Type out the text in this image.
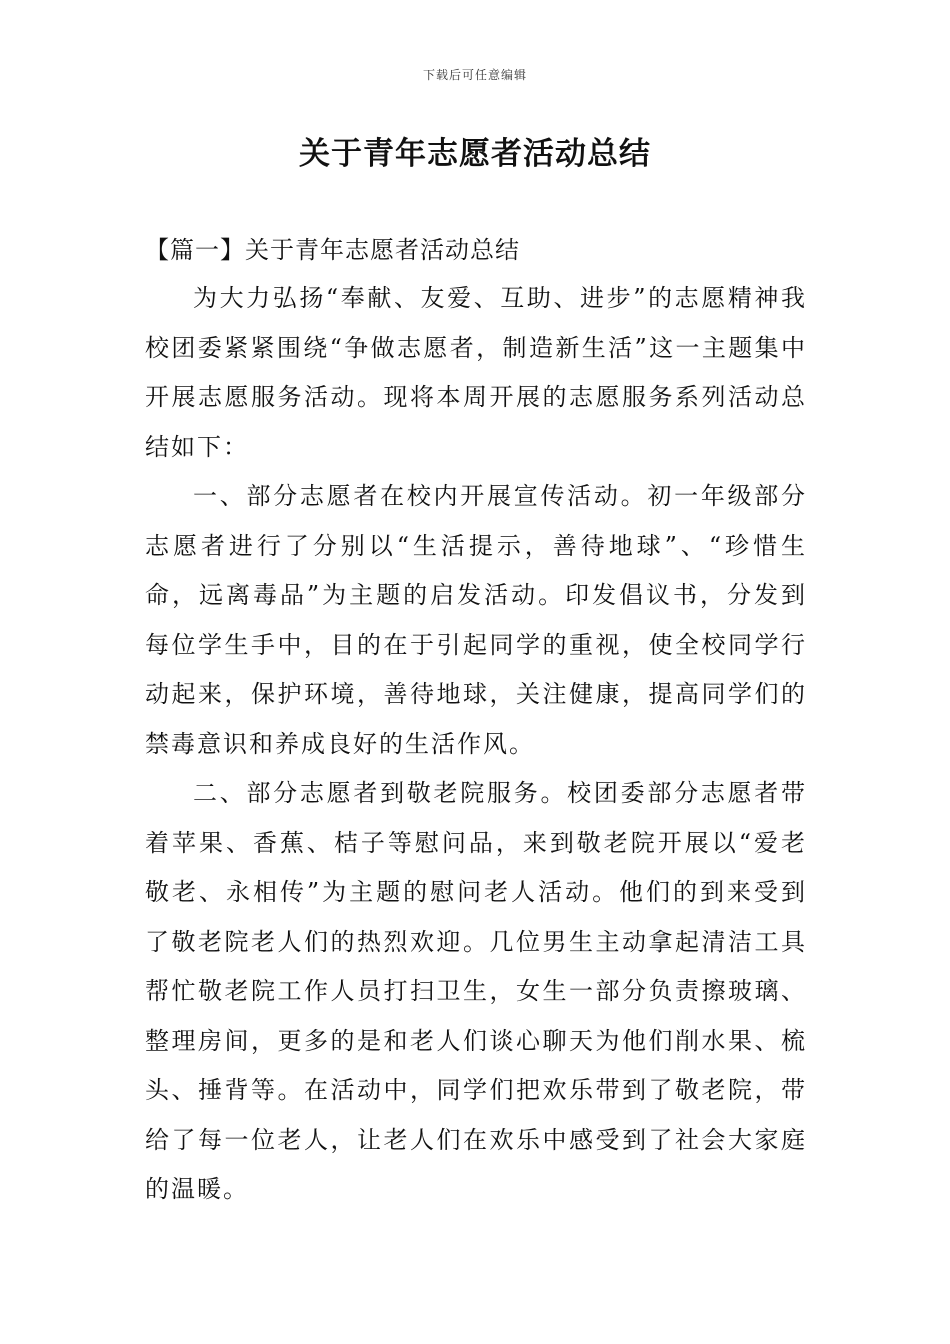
下载后可任意编辑
关于青年志愿者活动总结

【篇一】关于青年志愿者活动总结

为大力弘扬“奉献、友爱、互助、进步”的志愿精神我校团委紧紧围绕“争做志愿者，制造新生活”这一主题集中开展志愿服务活动。现将本周开展的志愿服务系列活动总结如下：

一、部分志愿者在校内开展宣传活动。初一年级部分志愿者进行了分别以“生活提示，善待地球”、“珍惜生命，远离毒品”为主题的启发活动。印发倡议书，分发到每位学生手中，目的在于引起同学的重视，使全校同学行动起来，保护环境，善待地球，关注健康，提高同学们的禁毒意识和养成良好的生活作风。

二、部分志愿者到敬老院服务。校团委部分志愿者带着苹果、香蕉、桔子等慰问品，来到敬老院开展以“爱老敬老、永相传”为主题的慰问老人活动。他们的到来受到了敬老院老人们的热烈欢迎。几位男生主动拿起清洁工具帮忙敬老院工作人员打扫卫生，女生一部分负责擦玻璃、整理房间，更多的是和老人们谈心聊天为他们削水果、梳头、捶背等。在活动中，同学们把欢乐带到了敬老院，带给了每一位老人，让老人们在欢乐中感受到了社会大家庭的温暖。
